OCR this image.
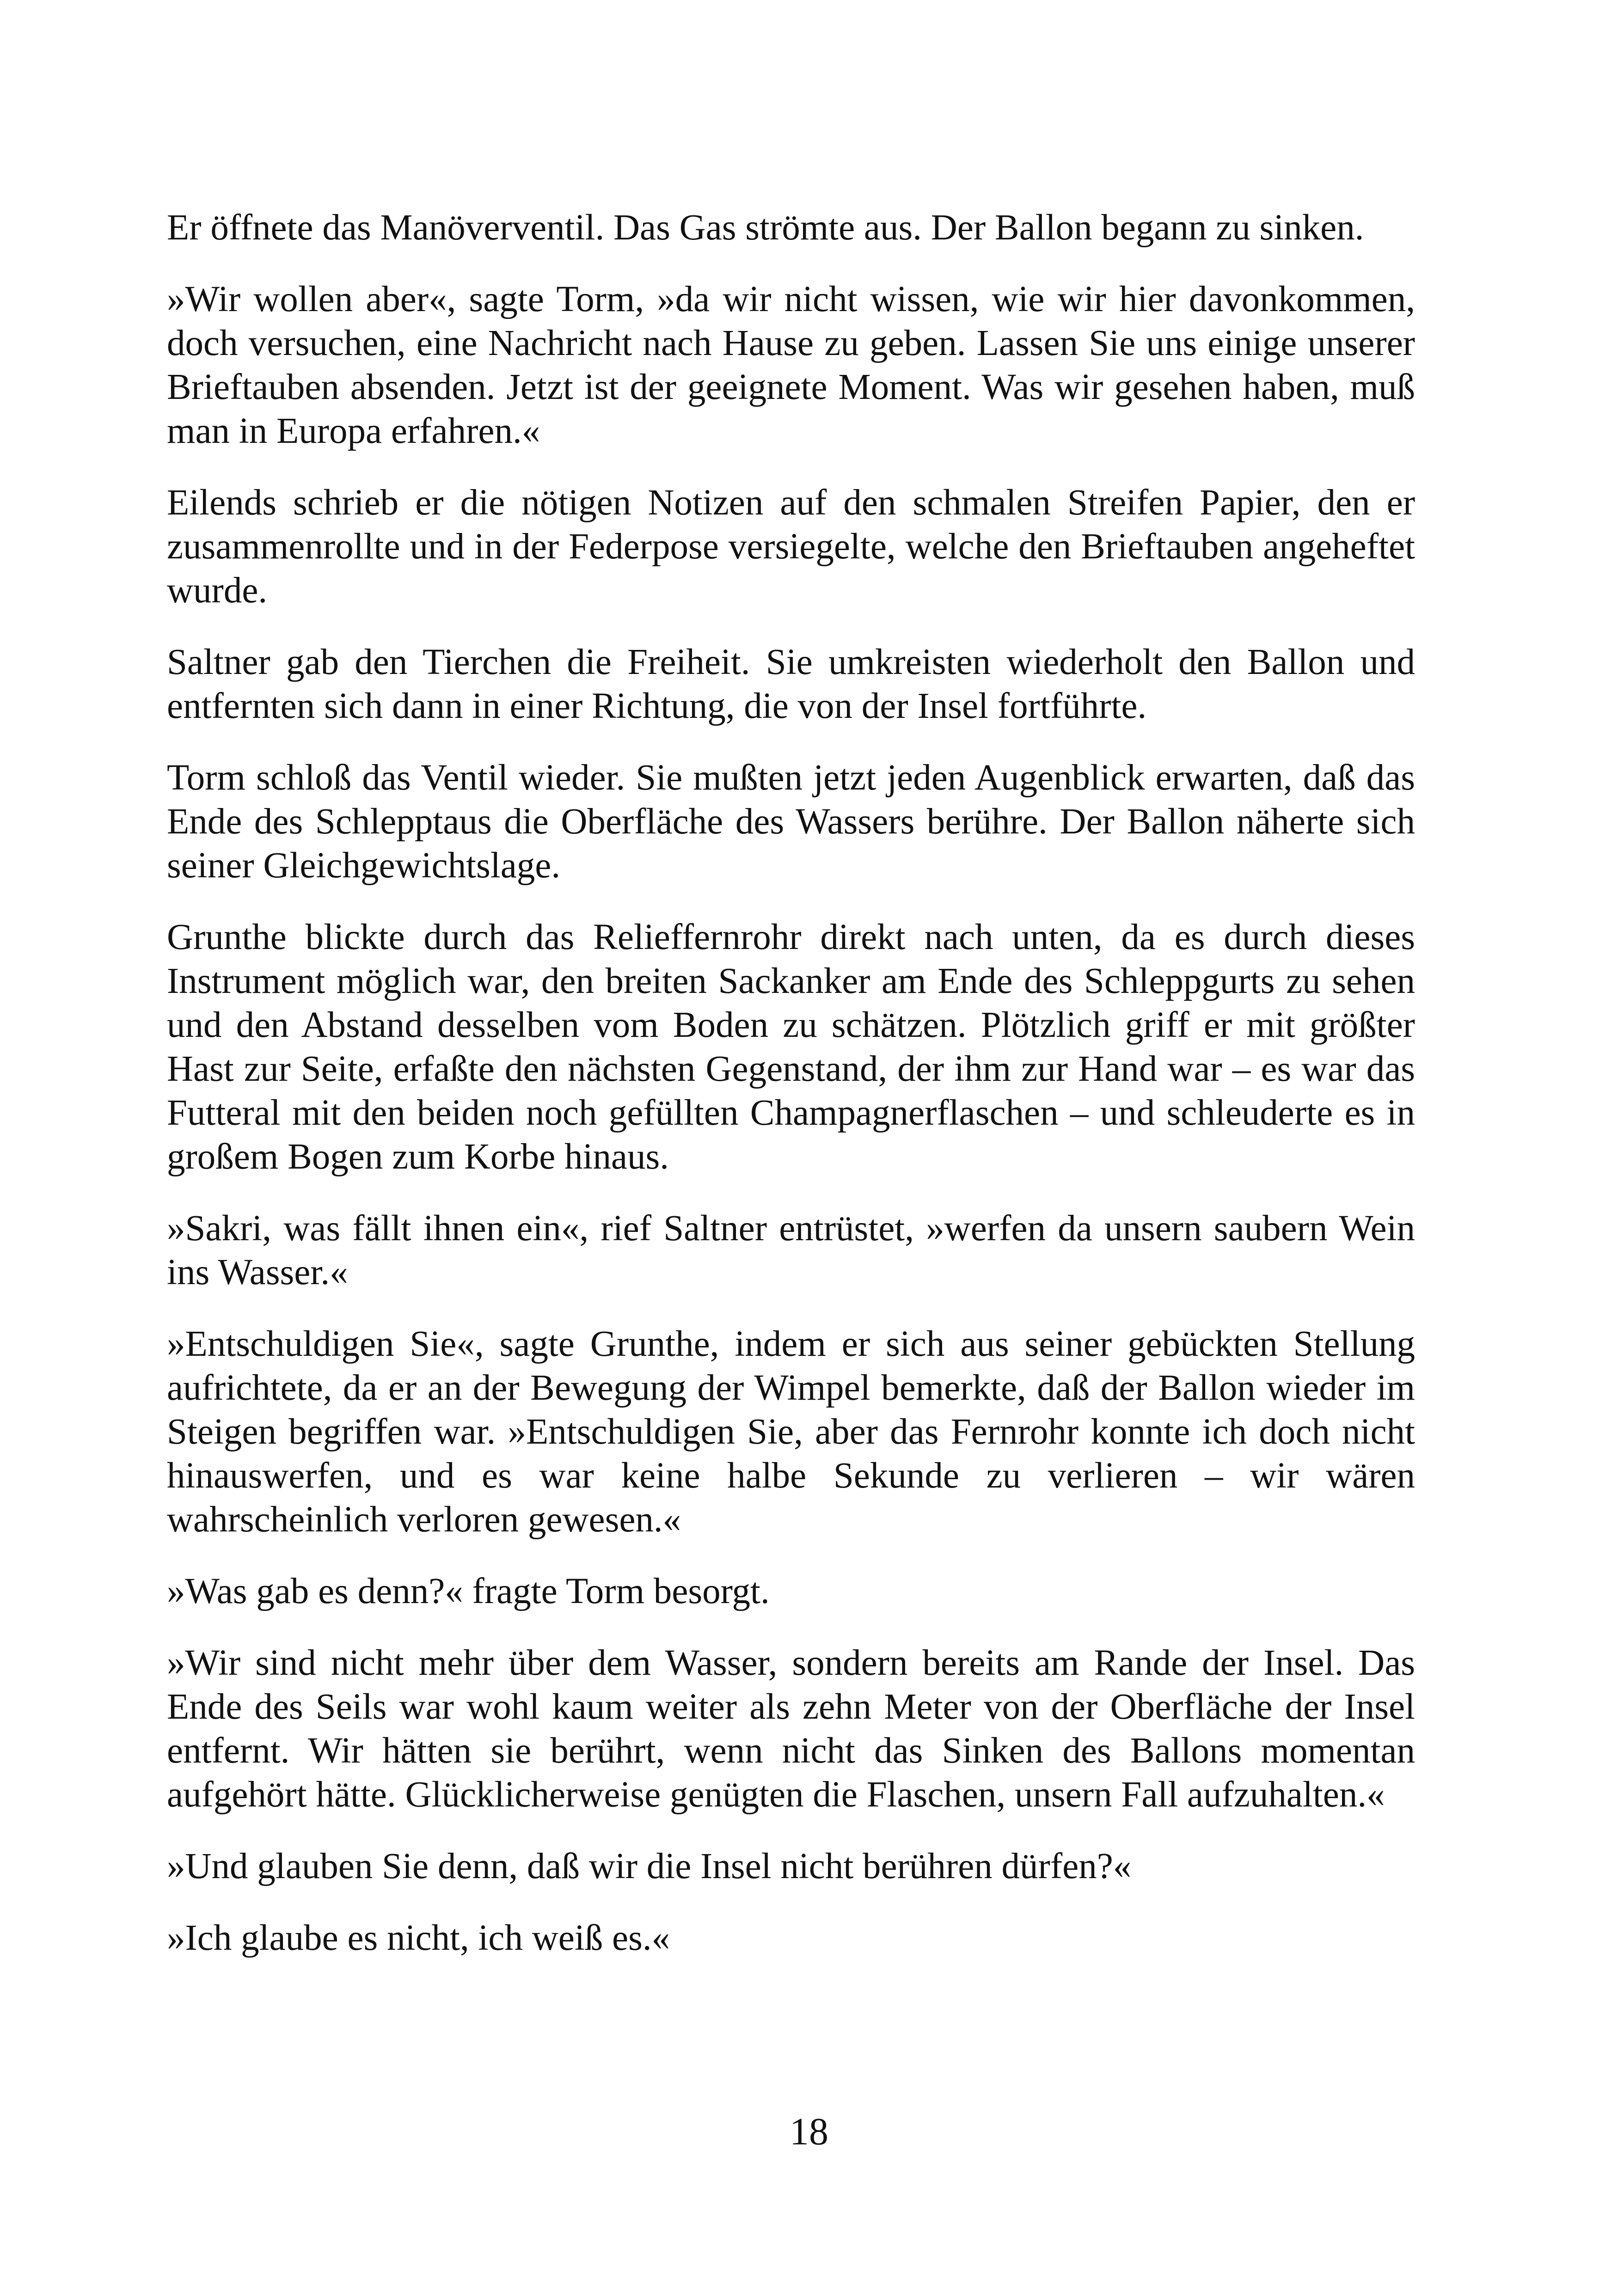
Er öffnete das Manöverventil. Das Gas strömte aus. Der Ballon begann zu sinken.

»Wir wollen aber«, sagte Torm, »da wir nicht wissen, wie wir hier davonkommen, doch versuchen, eine Nachricht nach Hause zu geben. Lassen Sie uns einige unserer Brieftauben absenden. Jetzt ist der geeignete Moment. Was wir gesehen haben, muß man in Europa erfahren.«

Eilends schrieb er die nötigen Notizen auf den schmalen Streifen Papier, den er zusammenrollte und in der Federpose versiegelte, welche den Brieftauben angeheftet wurde.

Saltner gab den Tierchen die Freiheit. Sie umkreisten wiederholt den Ballon und entfernten sich dann in einer Richtung, die von der Insel fortführte.

Torm schloß das Ventil wieder. Sie mußten jetzt jeden Augenblick erwarten, daß das Ende des Schlepptaus die Oberfläche des Wassers berühre. Der Ballon näherte sich seiner Gleichgewichtslage.

Grunthe blickte durch das Relieffernrohr direkt nach unten, da es durch dieses Instrument möglich war, den breiten Sackanker am Ende des Schleppgurts zu sehen und den Abstand desselben vom Boden zu schätzen. Plötzlich griff er mit größter Hast zur Seite, erfaßte den nächsten Gegenstand, der ihm zur Hand war – es war das Futteral mit den beiden noch gefüllten Champagnerflaschen – und schleuderte es in großem Bogen zum Korbe hinaus.

»Sakri, was fällt ihnen ein«, rief Saltner entrüstet, »werfen da unsern saubern Wein ins Wasser.«

»Entschuldigen Sie«, sagte Grunthe, indem er sich aus seiner gebückten Stellung aufrichtete, da er an der Bewegung der Wimpel bemerkte, daß der Ballon wieder im Steigen begriffen war. »Entschuldigen Sie, aber das Fernrohr konnte ich doch nicht hinauswerfen, und es war keine halbe Sekunde zu verlieren – wir wären wahrscheinlich verloren gewesen.«

»Was gab es denn?« fragte Torm besorgt.

»Wir sind nicht mehr über dem Wasser, sondern bereits am Rande der Insel. Das Ende des Seils war wohl kaum weiter als zehn Meter von der Oberfläche der Insel entfernt. Wir hätten sie berührt, wenn nicht das Sinken des Ballons momentan aufgehört hätte. Glücklicherweise genügten die Flaschen, unsern Fall aufzuhalten.«

»Und glauben Sie denn, daß wir die Insel nicht berühren dürfen?«

»Ich glaube es nicht, ich weiß es.«

18
